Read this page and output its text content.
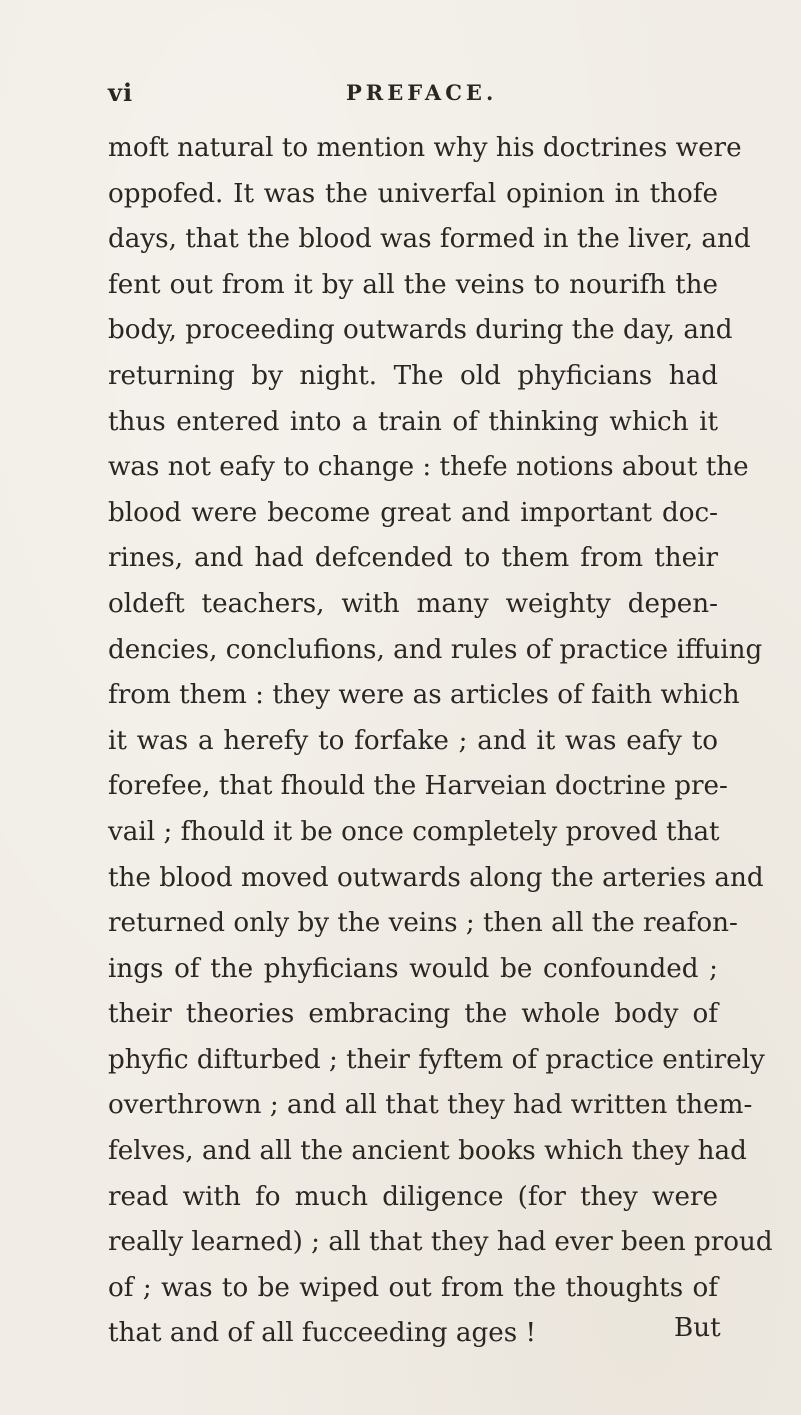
vi	PREFACE.
moft natural to mention why his doctrines were
oppofed. It was the univerfal opinion in thofe
days, that the blood was formed in the liver, and
fent out from it by all the veins to nourifh the
body, proceeding outwards during the day, and
returning by night. The old phyficians had
thus entered into a train of thinking which it
was not eafy to change : thefe notions about the
blood were become great and important doc-
rines, and had defcended to them from their
oldeft teachers, with many weighty depen-
dencies, conclufions, and rules of practice iffuing
from them : they were as articles of faith which
it was a herefy to forfake ; and it was eafy to
forefee, that fhould the Harveian doctrine pre-
vail ; fhould it be once completely proved that
the blood moved outwards along the arteries and
returned only by the veins ; then all the reafon-
ings of the phyficians would be confounded ;
their theories embracing the whole body of
phyfic difturbed ; their fyftem of practice entirely
overthrown ; and all that they had written them-
felves, and all the ancient books which they had
read with fo much diligence (for they were
really learned) ; all that they had ever been proud
of ; was to be wiped out from the thoughts of
that and of all fucceeding ages !	But
